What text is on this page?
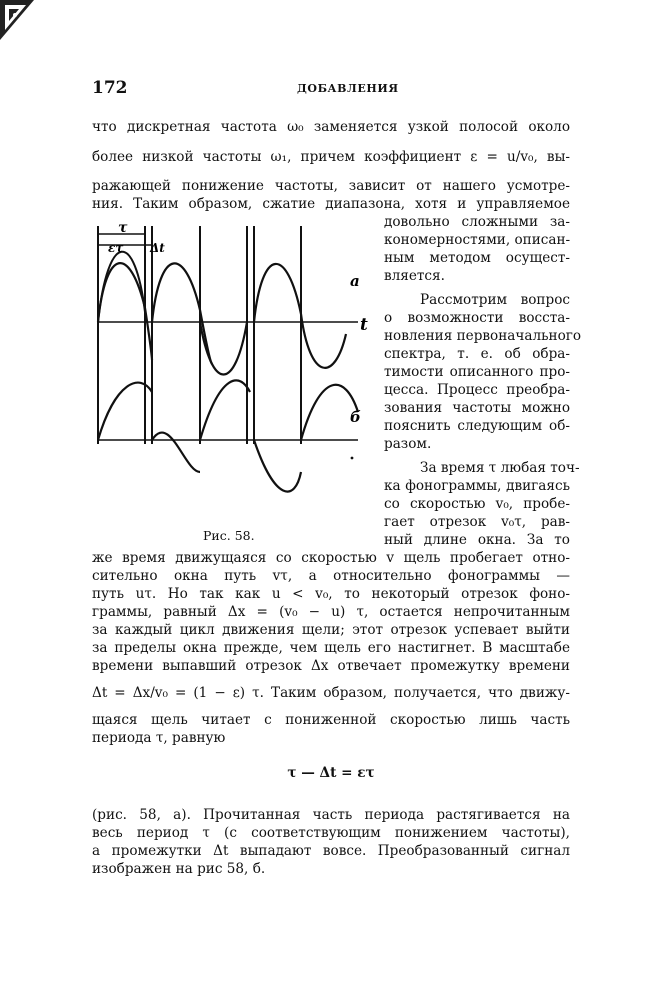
172	ДОБАВЛЕНИЯ
что дискретная частота ω₀ заменяется узкой полосой около
более низкой частоты ω₁, причем коэффициент ε = u/v₀, вы-
ражающей понижение частоты, зависит от нашего усмотре-
ния. Таким образом, сжатие диапазона, хотя и управляемое
довольно сложными за-
кономерностями, описан-
ным методом осущест-
вляется.
Рассмотрим вопрос
о возможности восста-
новления первоначального
спектра, т. е. об обра-
тимости описанного про-
цесса. Процесс преобра-
зования частоты можно
пояснить следующим об-
разом.
За время τ любая точ-
ка фонограммы, двигаясь
со скоростью v₀, пробе-
гает отрезок v₀τ, рав-
ный длине окна. За то
τ
ετ Δt
t
а
б
Рис. 58.
же время движущаяся со скоростью v щель пробегает отно-
сительно окна путь vτ, а относительно фонограммы —
путь uτ. Но так как u < v₀, то некоторый отрезок фоно-
граммы, равный Δx = (v₀ − u) τ, остается непрочитанным
за каждый цикл движения щели; этот отрезок успевает выйти
за пределы окна прежде, чем щель его настигнет. В масштабе
времени выпавший отрезок Δx отвечает промежутку времени
Δt = Δx/v₀ = (1 − ε) τ. Таким образом, получается, что движу-
щаяся щель читает с пониженной скоростью лишь часть
периода τ, равную
τ — Δt = ετ
(рис. 58, а). Прочитанная часть периода растягивается на
весь период τ (с соответствующим понижением частоты),
а промежутки Δt выпадают вовсе. Преобразованный сигнал
изображен на рис 58, б.
